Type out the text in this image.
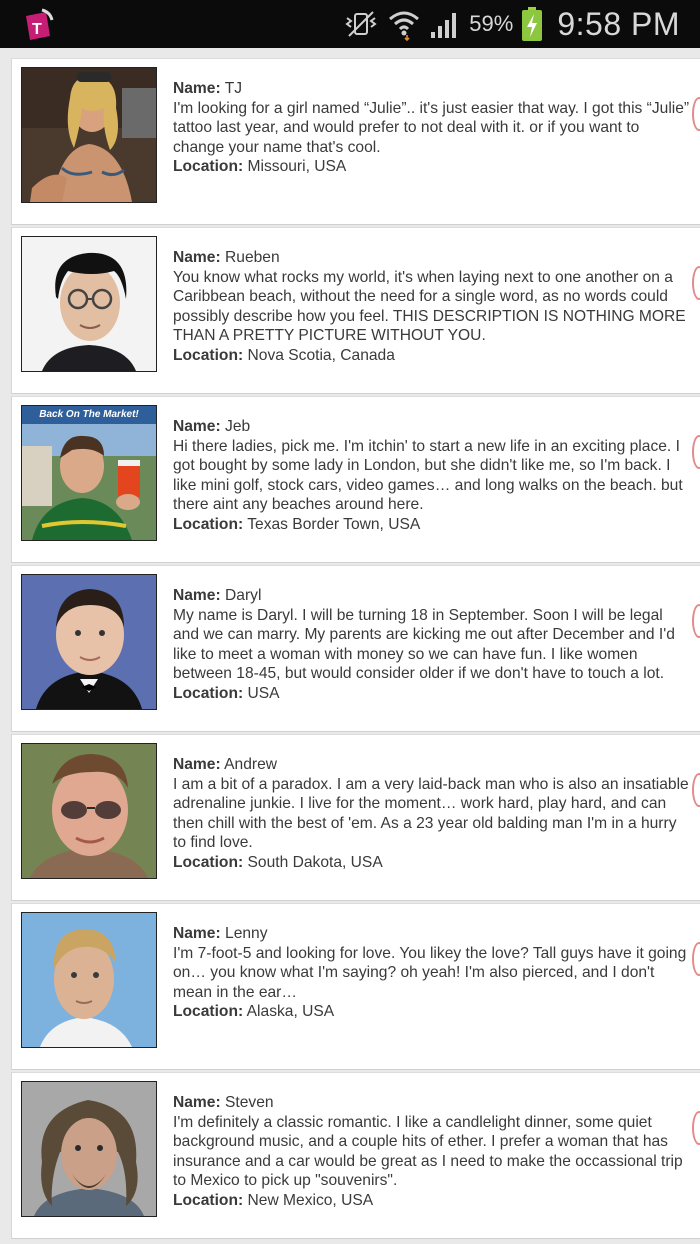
T	59% 9:58 PM
Name: TJ
I'm looking for a girl named “Julie”.. it's just easier that way. I got this “Julie” tattoo last year, and would prefer to not deal with it. or if you want to change your name that's cool.
Location: Missouri, USA
Name: Rueben
You know what rocks my world, it's when laying next to one another on a Caribbean beach, without the need for a single word, as no words could possibly describe how you feel. THIS DESCRIPTION IS NOTHING MORE THAN A PRETTY PICTURE WITHOUT YOU.
Location: Nova Scotia, Canada
Back On The Market!
Name: Jeb
Hi there ladies, pick me. I'm itchin' to start a new life in an exciting place. I got bought by some lady in London, but she didn't like me, so I'm back. I like mini golf, stock cars, video games… and long walks on the beach. but there aint any beaches around here.
Location: Texas Border Town, USA
Name: Daryl
My name is Daryl. I will be turning 18 in September. Soon I will be legal and we can marry. My parents are kicking me out after December and I'd like to meet a woman with money so we can have fun. I like women between 18-45, but would consider older if we don't have to touch a lot. Location: USA
Name: Andrew
I am a bit of a paradox. I am a very laid-back man who is also an insatiable adrenaline junkie. I live for the moment… work hard, play hard, and can then chill with the best of 'em. As a 23 year old balding man I'm in a hurry to find love.
Location: South Dakota, USA
Name: Lenny
I'm 7-foot-5 and looking for love. You likey the love? Tall guys have it going on… you know what I'm saying? oh yeah! I'm also pierced, and I don't mean in the ear…
Location: Alaska, USA
Name: Steven
I'm definitely a classic romantic. I like a candlelight dinner, some quiet background music, and a couple hits of ether. I prefer a woman that has insurance and a car would be great as I need to make the occassional trip to Mexico to pick up "souvenirs".
Location: New Mexico, USA
